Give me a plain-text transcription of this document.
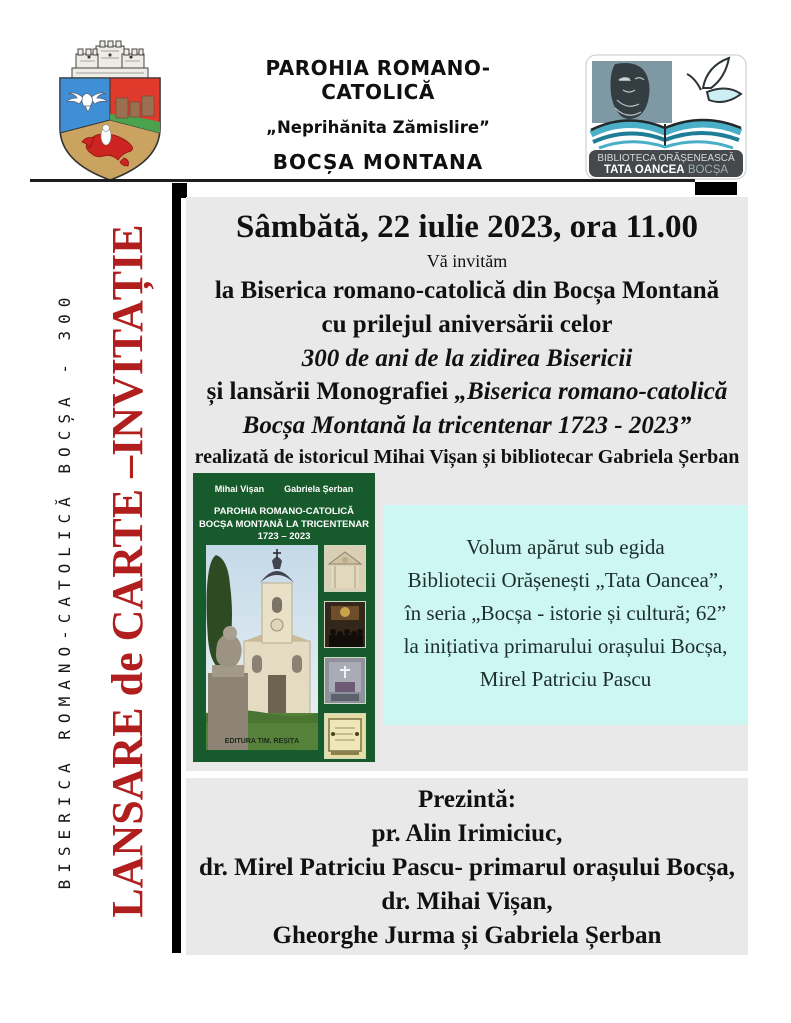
PAROHIA ROMANO-CATOLICĂ
„Neprihănita Zămislire”
BOCȘA MONTANA	BIBLIOTECA ORĂȘENEASCĂ
TATA OANCEA BOCȘA
BISERICA ROMANO-CATOLICĂ BOCȘA - 300 LANSARE de CARTE –INVITAȚIE	Sâmbătă, 22 iulie 2023, ora 11.00
Vă invităm
la Biserica romano-catolică din Bocșa Montană
cu prilejul aniversării celor
300 de ani de la zidirea Bisericii
și lansării Monografiei „Biserica romano-catolică
Bocșa Montană la tricentenar 1723 - 2023”
realizată de istoricul Mihai Vișan și bibliotecar Gabriela Șerban
Volum apărut sub egida
Bibliotecii Orășenești „Tata Oancea”,
în seria „Bocșa - istorie și cultură; 62”
la inițiativa primarului orașului Bocșa,
Mirel Patriciu Pascu
Mihai Vișan Gabriela Șerban
PAROHIA ROMANO-CATOLICĂ
BOCȘA MONTANĂ LA TRICENTENAR
1723 – 2023
EDITURA TIM. REȘIȚA
Prezintă:
pr. Alin Irimiciuc,
dr. Mirel Patriciu Pascu- primarul orașului Bocșa,
dr. Mihai Vișan,
Gheorghe Jurma și Gabriela Șerban
